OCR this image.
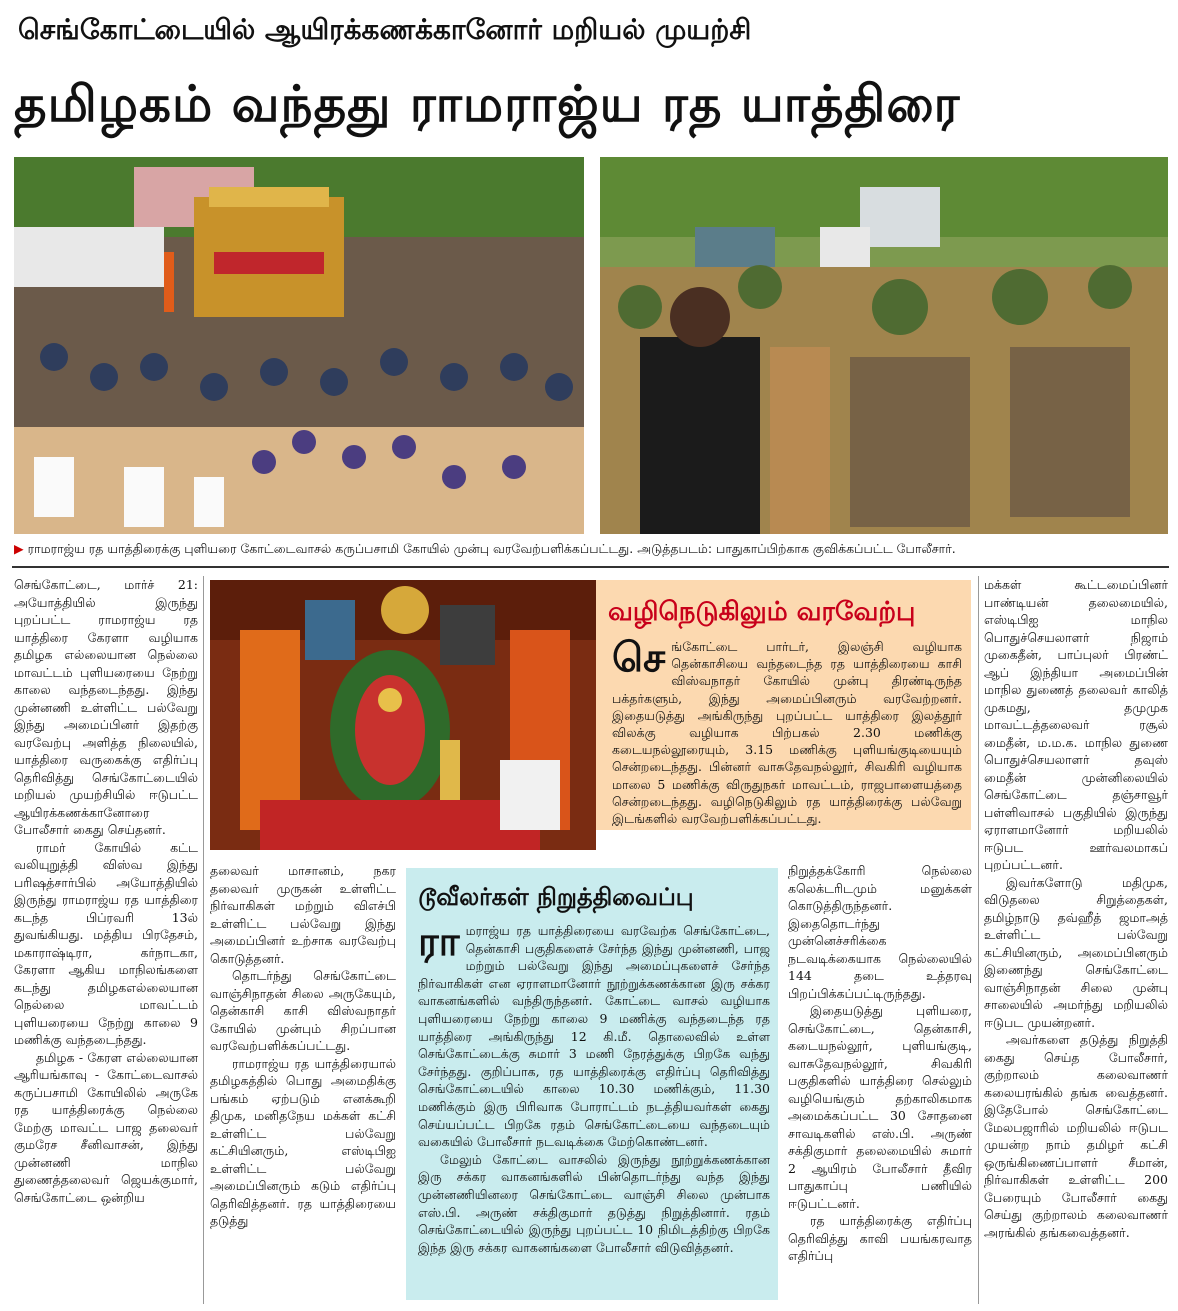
செங்கோட்டையில் ஆயிரக்கணக்கானோர் மறியல் முயற்சி
தமிழகம் வந்தது ராமராஜ்ய ரத யாத்திரை
▶ ராமராஜ்ய ரத யாத்திரைக்கு புளியரை கோட்டைவாசல் கருப்பசாமி கோயில் முன்பு வரவேற்பளிக்கப்பட்டது. அடுத்தபடம்: பாதுகாப்பிற்காக குவிக்கப்பட்ட போலீசார்.

செங்கோட்டை, மார்ச் 21: அயோத்தியில் இருந்து புறப்பட்ட ராமராஜ்ய ரத யாத்திரை கேரளா வழியாக தமிழக எல்லையான நெல்லை மாவட்டம் புளியரையை நேற்று காலை வந்தடைந்தது. இந்து முன்னணி உள்ளிட்ட பல்வேறு இந்து அமைப்பினர் இதற்கு வரவேற்பு அளித்த நிலையில், யாத்திரை வருகைக்கு எதிர்ப்பு தெரிவித்து செங்கோட்டையில் மறியல் முயற்சியில் ஈடுபட்ட ஆயிரக்கணக்கானோரை போலீசார் கைது செய்தனர்.

ராமர் கோயில் கட்ட வலியுறுத்தி விஸ்வ இந்து பரிஷத்சார்பில் அயோத்தியில் இருந்து ராமராஜ்ய ரத யாத்திரை கடந்த பிப்ரவரி 13ல் துவங்கியது. மத்திய பிரதேசம், மகாராஷ்டிரா, கர்நாடகா, கேரளா ஆகிய மாநிலங்களை கடந்து தமிழகஎல்லையான நெல்லை மாவட்டம் புளியரையை நேற்று காலை 9 மணிக்கு வந்தடைந்தது.

தமிழக - கேரள எல்லையான ஆரியங்காவு - கோட்டைவாசல் கருப்பசாமி கோயிலில் அருகே ரத யாத்திரைக்கு நெல்லை மேற்கு மாவட்ட பாஜ தலைவர் குமரேச சீனிவாசன், இந்து முன்னணி மாநில துணைத்தலைவர் ஜெயக்குமார், செங்கோட்டை ஒன்றிய

வழிநெடுகிலும் வரவேற்பு
செங்கோட்டை பார்டர், இலஞ்சி வழியாக தென்காசியை வந்தடைந்த ரத யாத்திரையை காசி விஸ்வநாதர் கோயில் முன்பு திரண்டிருந்த பக்தர்களும், இந்து அமைப்பினரும் வரவேற்றனர். இதையடுத்து அங்கிருந்து புறப்பட்ட யாத்திரை இலத்தூர் விலக்கு வழியாக பிற்பகல் 2.30 மணிக்கு கடையநல்லூரையும், 3.15 மணிக்கு புளியங்குடியையும் சென்றடைந்தது. பின்னர் வாசுதேவநல்லூர், சிவகிரி வழியாக மாலை 5 மணிக்கு விருதுநகர் மாவட்டம், ராஜபாளையத்தை சென்றடைந்தது. வழிநெடுகிலும் ரத யாத்திரைக்கு பல்வேறு இடங்களில் வரவேற்பளிக்கப்பட்டது.

தலைவர் மாசானம், நகர தலைவர் முருகன் உள்ளிட்ட நிர்வாகிகள் மற்றும் விஎச்பி உள்ளிட்ட பல்வேறு இந்து அமைப்பினர் உற்சாக வரவேற்பு கொடுத்தனர்.

தொடர்ந்து செங்கோட்டை வாஞ்சிநாதன் சிலை அருகேயும், தென்காசி காசி விஸ்வநாதர் கோயில் முன்பும் சிறப்பான வரவேற்பளிக்கப்பட்டது.

ராமராஜ்ய ரத யாத்திரையால் தமிழகத்தில் பொது அமைதிக்கு பங்கம் ஏற்படும் எனக்கூறி திமுக, மனிதநேய மக்கள் கட்சி உள்ளிட்ட பல்வேறு கட்சியினரும், எஸ்டிபிஐ உள்ளிட்ட பல்வேறு அமைப்பினரும் கடும் எதிர்ப்பு தெரிவித்தனர். ரத யாத்திரையை தடுத்து

டூவீலர்கள் நிறுத்திவைப்பு

ராமராஜ்ய ரத யாத்திரையை வரவேற்க செங்கோட்டை, தென்காசி பகுதிகளைச் சேர்ந்த இந்து முன்னணி, பாஜ மற்றும் பல்வேறு இந்து அமைப்புகளைச் சேர்ந்த நிர்வாகிகள் என ஏராளமானோர் நூற்றுக்கணக்கான இரு சக்கர வாகனங்களில் வந்திருந்தனர். கோட்டை வாசல் வழியாக புளியரையை நேற்று காலை 9 மணிக்கு வந்தடைந்த ரத யாத்திரை அங்கிருந்து 12 கி.மீ. தொலைவில் உள்ள செங்கோட்டைக்கு சுமார் 3 மணி நேரத்துக்கு பிறகே வந்து சேர்ந்தது. குறிப்பாக, ரத யாத்திரைக்கு எதிர்ப்பு தெரிவித்து செங்கோட்டையில் காலை 10.30 மணிக்கும், 11.30 மணிக்கும் இரு பிரிவாக போராட்டம் நடத்தியவர்கள் கைது செய்யப்பட்ட பிறகே ரதம் செங்கோட்டையை வந்தடையும் வகையில் போலீசார் நடவடிக்கை மேற்கொண்டனர்.

மேலும் கோட்டை வாசலில் இருந்து நூற்றுக்கணக்கான இரு சக்கர வாகனங்களில் பின்தொடர்ந்து வந்த இந்து முன்னணியினரை செங்கோட்டை வாஞ்சி சிலை முன்பாக எஸ்.பி. அருண் சக்திகுமார் தடுத்து நிறுத்தினார். ரதம் செங்கோட்டையில் இருந்து புறப்பட்ட 10 நிமிடத்திற்கு பிறகே இந்த இரு சக்கர வாகனங்களை போலீசார் விடுவித்தனர்.

நிறுத்தக்கோரி நெல்லை கலெக்டரிடமும் மனுக்கள் கொடுத்திருந்தனர். இதைதொடர்ந்து முன்னெச்சரிக்கை நடவடிக்கையாக நெல்லையில் 144 தடை உத்தரவு பிறப்பிக்கப்பட்டிருந்தது.

இதையடுத்து புளியரை, செங்கோட்டை, தென்காசி, கடையநல்லூர், புளியங்குடி, வாசுதேவநல்லூர், சிவகிரி பகுதிகளில் யாத்திரை செல்லும் வழியெங்கும் தற்காலிகமாக அமைக்கப்பட்ட 30 சோதனை சாவடிகளில் எஸ்.பி. அருண் சக்திகுமார் தலைமையில் சுமார் 2 ஆயிரம் போலீசார் தீவிர பாதுகாப்பு பணியில் ஈடுபட்டனர்.

ரத யாத்திரைக்கு எதிர்ப்பு தெரிவித்து காவி பயங்கரவாத எதிர்ப்பு

மக்கள் கூட்டமைப்பினர் பாண்டியன் தலைமையில், எஸ்டிபிஐ மாநில பொதுச்செயலாளர் நிஜாம் முகைதீன், பாப்புலர் பிரண்ட் ஆப் இந்தியா அமைப்பின் மாநில துணைத் தலைவர் காலித் முகமது, தமுமுக மாவட்டத்தலைவர் ரசூல் மைதீன், ம.ம.க. மாநில துணை பொதுச்செயலாளர் தவுஸ் மைதீன் முன்னிலையில் செங்கோட்டை தஞ்சாவூர் பள்ளிவாசல் பகுதியில் இருந்து ஏராளமானோர் மறியலில் ஈடுபட ஊர்வலமாகப் புறப்பட்டனர்.

இவர்களோடு மதிமுக, விடுதலை சிறுத்தைகள், தமிழ்நாடு தவ்ஹீத் ஜமாஅத் உள்ளிட்ட பல்வேறு கட்சியினரும், அமைப்பினரும் இணைந்து செங்கோட்டை வாஞ்சிநாதன் சிலை முன்பு சாலையில் அமர்ந்து மறியலில் ஈடுபட முயன்றனர்.

அவர்களை தடுத்து நிறுத்தி கைது செய்த போலீசார், குற்றாலம் கலைவாணர் கலையரங்கில் தங்க வைத்தனர். இதேபோல் செங்கோட்டை மேலபஜாரில் மறியலில் ஈடுபட முயன்ற நாம் தமிழர் கட்சி ஒருங்கிணைப்பாளர் சீமான், நிர்வாகிகள் உள்ளிட்ட 200 பேரையும் போலீசார் கைது செய்து குற்றாலம் கலைவாணர் அரங்கில் தங்கவைத்தனர்.
